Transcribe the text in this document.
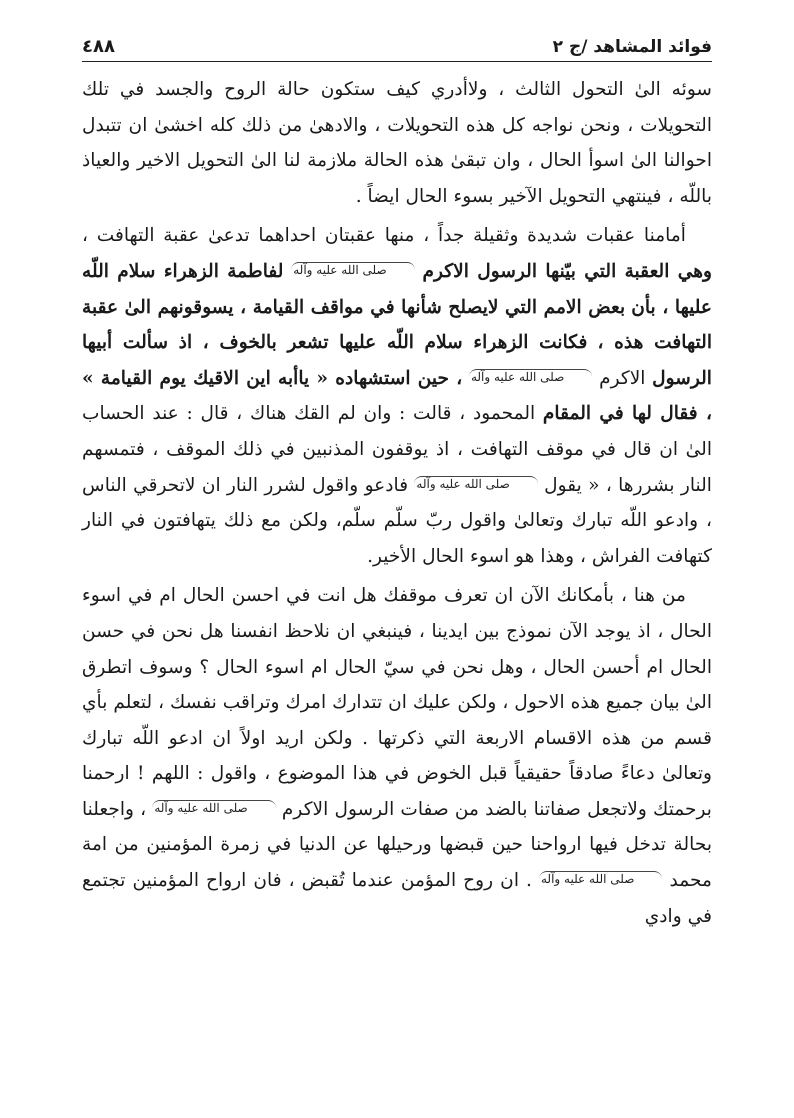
٤٨٨	فوائد المشاهد /ج ٢

سوئه الىٰ التحول الثالث ، ولاأدري كيف ستكون حالة الروح والجسد في تلك التحويلات ، ونحن نواجه كل هذه التحويلات ، والادهىٰ من ذلك كله اخشىٰ ان تتبدل احوالنا الىٰ اسوأ الحال ، وان تبقىٰ هذه الحالة ملازمة لنا الىٰ التحويل الاخير والعياذ باللّه ، فينتهي التحويل الآخير بسوء الحال ايضاً .

أمامنا عقبات شديدة وثقيلة جداً ، منها عقبتان احداهما تدعىٰ عقبة التهافت ، وهي العقبة التي بيّنها الرسول الاكرم صلى الله عليه وآله لفاطمة الزهراء سلام اللّه عليها ، بأن بعض الامم التي لايصلح شأنها في مواقف القيامة ، يسوقونهم الىٰ عقبة التهافت هذه ، فكانت الزهراء سلام اللّه عليها تشعر بالخوف ، اذ سألت أبيها الرسول الاكرم صلى الله عليه وآله ، حين استشهاده « ياأبه اين الاقيك يوم القيامة » ، فقال لها في المقام المحمود ، قالت : وان لم القك هناك ، قال : عند الحساب الىٰ ان قال في موقف التهافت ، اذ يوقفون المذنبين في ذلك الموقف ، فتمسهم النار بشررها ، « يقول صلى الله عليه وآله فادعو واقول لشرر النار ان لاتحرقي الناس ، وادعو اللّه تبارك وتعالىٰ واقول ربّ سلّم سلّم، ولكن مع ذلك يتهافتون في النار كتهافت الفراش ، وهذا هو اسوء الحال الأخير.

من هنا ، بأمكانك الآن ان تعرف موقفك هل انت في احسن الحال ام في اسوء الحال ، اذ يوجد الآن نموذج بين ايدينا ، فينبغي ان نلاحظ انفسنا هل نحن في حسن الحال ام أحسن الحال ، وهل نحن في سيّ الحال ام اسوء الحال ؟ وسوف اتطرق الىٰ بيان جميع هذه الاحول ، ولكن عليك ان تتدارك امرك وتراقب نفسك ، لتعلم بأي قسم من هذه الاقسام الاربعة التي ذكرتها . ولكن اريد اولاً ان ادعو اللّه تبارك وتعالىٰ دعاءً صادقاً حقيقياً قبل الخوض في هذا الموضوع ، واقول : اللهم ! ارحمنا برحمتك ولاتجعل صفاتنا بالضد من صفات الرسول الاكرم صلى الله عليه وآله ، واجعلنا بحالة تدخل فيها ارواحنا حين قبضها ورحيلها عن الدنيا في زمرة المؤمنين من امة محمد صلى الله عليه وآله . ان روح المؤمن عندما تُقبض ، فان ارواح المؤمنين تجتمع في وادي
